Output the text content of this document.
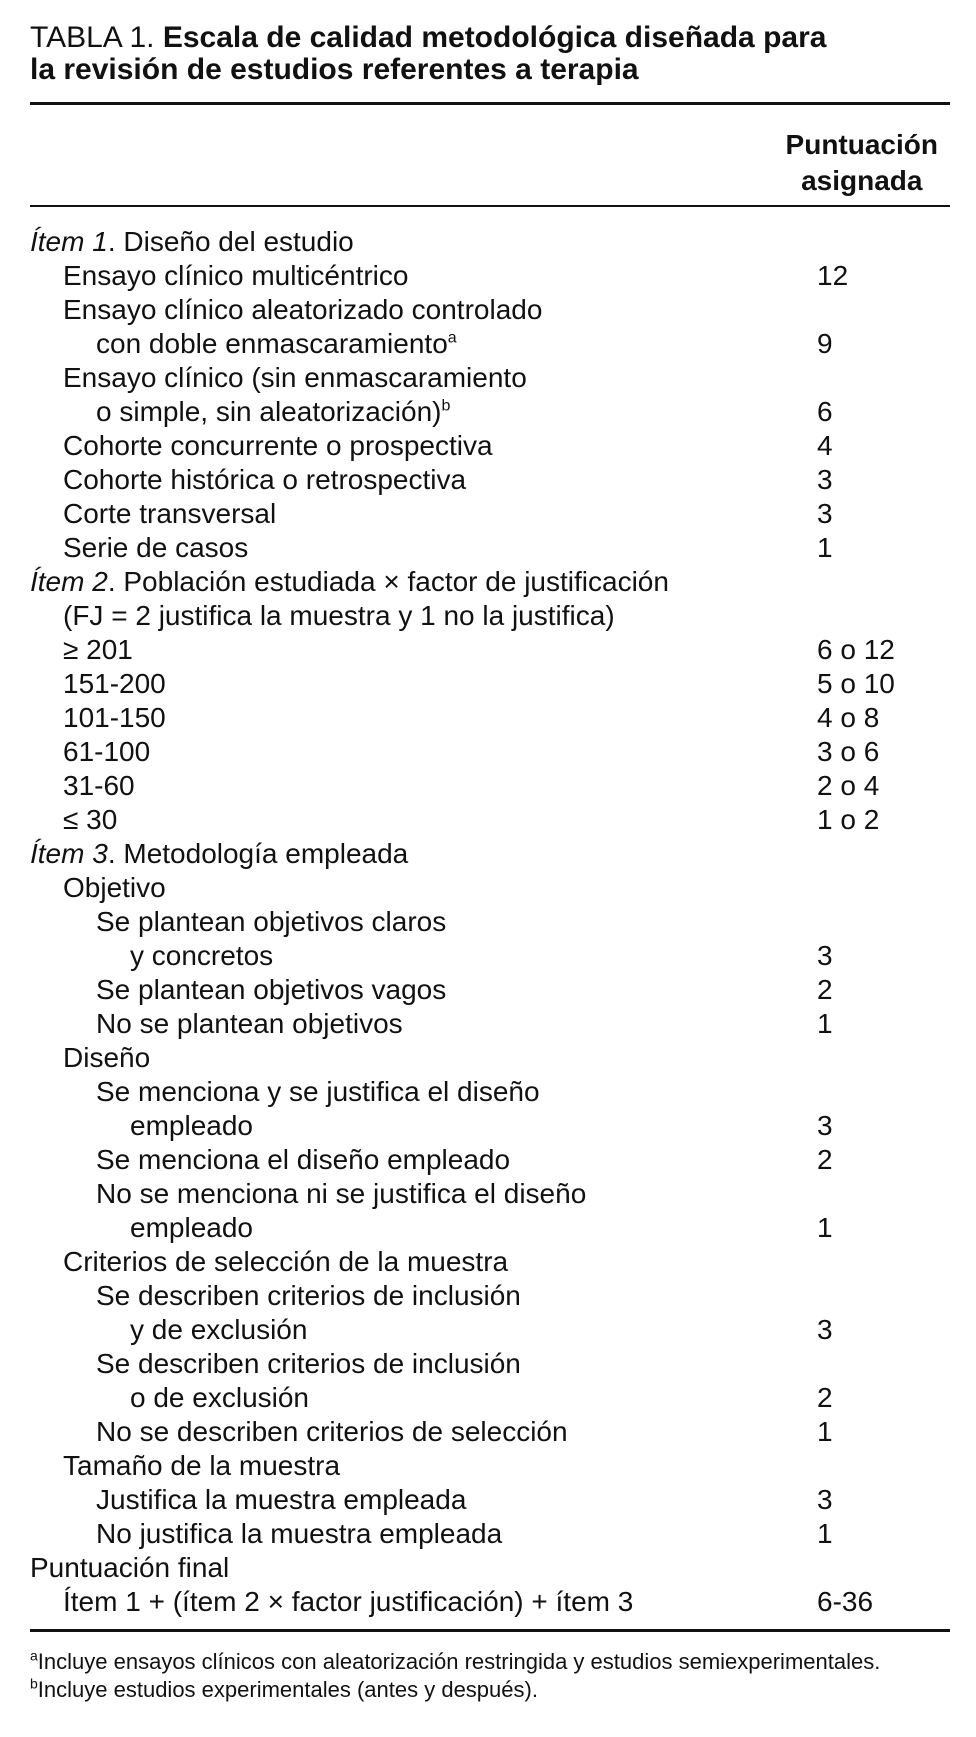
TABLA 1. Escala de calidad metodológica diseñada para
la revisión de estudios referentes a terapia
Puntuación
asignada
Ítem 1. Diseño del estudio
Ensayo clínico multicéntrico	12
Ensayo clínico aleatorizado controlado
con doble enmascaramiento$^a$	9
Ensayo clínico (sin enmascaramiento
o simple, sin aleatorización)$^b$	6
Cohorte concurrente o prospectiva	4
Cohorte histórica o retrospectiva	3
Corte transversal	3
Serie de casos	1
Ítem 2. Población estudiada × factor de justificación
(FJ = 2 justifica la muestra y 1 no la justifica)
≥ 201	6 o 12
151-200	5 o 10
101-150	4 o 8
61-100	3 o 6
31-60	2 o 4
≤ 30	1 o 2
Ítem 3. Metodología empleada
Objetivo
Se plantean objetivos claros
y concretos	3
Se plantean objetivos vagos	2
No se plantean objetivos	1
Diseño
Se menciona y se justifica el diseño
empleado	3
Se menciona el diseño empleado	2
No se menciona ni se justifica el diseño
empleado	1
Criterios de selección de la muestra
Se describen criterios de inclusión
y de exclusión	3
Se describen criterios de inclusión
o de exclusión	2
No se describen criterios de selección	1
Tamaño de la muestra
Justifica la muestra empleada	3
No justifica la muestra empleada	1
Puntuación final
Ítem 1 + (ítem 2 × factor justificación) + ítem 3	6-36
$^a$Incluye ensayos clínicos con aleatorización restringida y estudios semiexperimentales.
$^b$Incluye estudios experimentales (antes y después).
